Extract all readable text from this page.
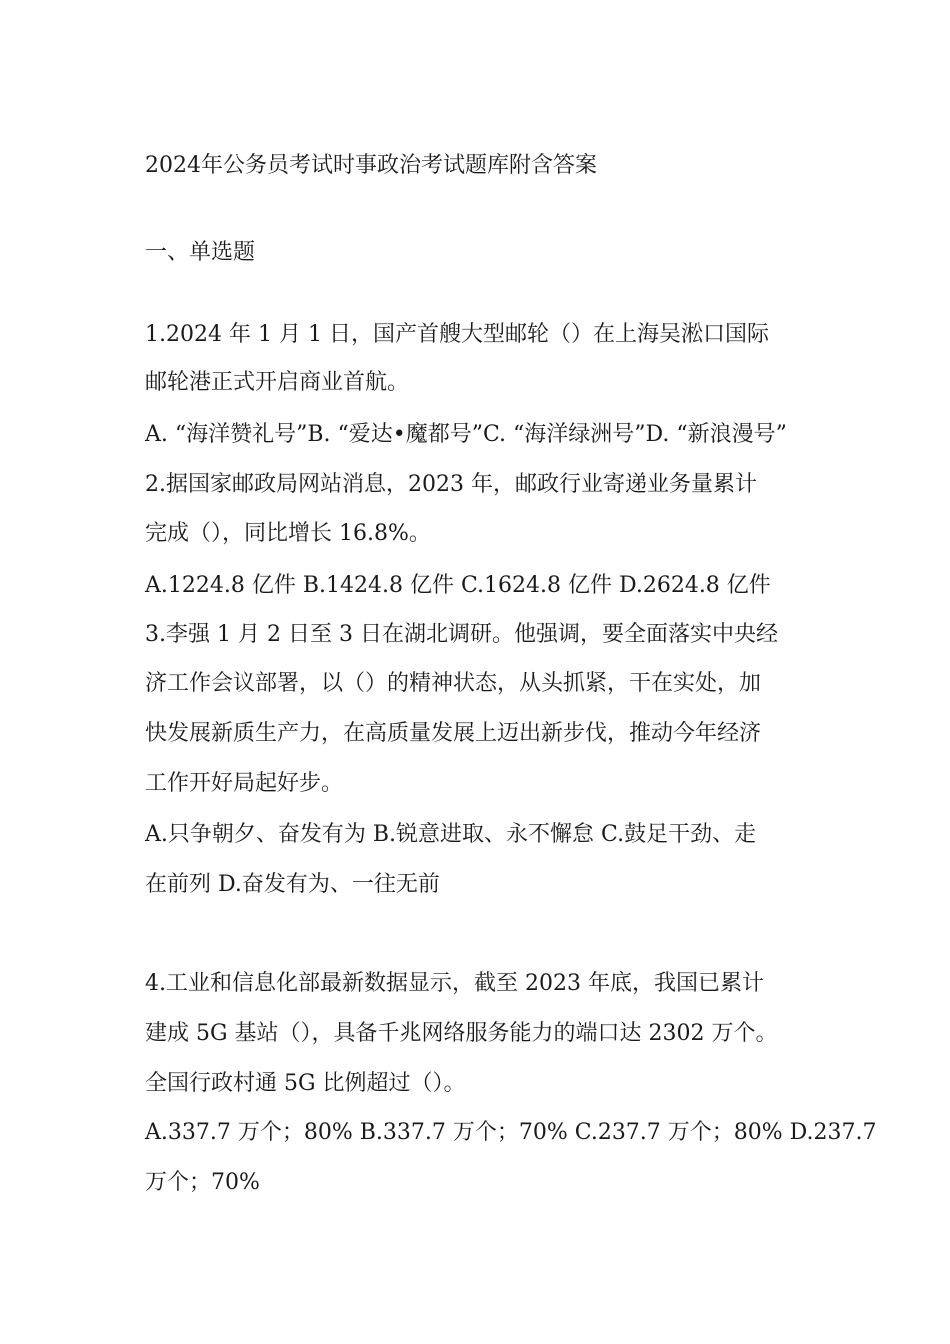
2024年公务员考试时事政治考试题库附含答案
一、单选题
1.2024 年 1 月 1 日，国产首艘大型邮轮（）在上海吴淞口国际
邮轮港正式开启商业首航。
A. “海洋赞礼号”B. “爱达•魔都号”C. “海洋绿洲号”D. “新浪漫号”
2.据国家邮政局网站消息，2023 年，邮政行业寄递业务量累计
完成（），同比增长 16.8%。
A.1224.8 亿件 B.1424.8 亿件 C.1624.8 亿件 D.2624.8 亿件
3.李强 1 月 2 日至 3 日在湖北调研。他强调，要全面落实中央经
济工作会议部署，以（）的精神状态，从头抓紧，干在实处，加
快发展新质生产力，在高质量发展上迈出新步伐，推动今年经济
工作开好局起好步。
A.只争朝夕、奋发有为 B.锐意进取、永不懈怠 C.鼓足干劲、走
在前列 D.奋发有为、一往无前
4.工业和信息化部最新数据显示，截至 2023 年底，我国已累计
建成 5G 基站（），具备千兆网络服务能力的端口达 2302 万个。
全国行政村通 5G 比例超过（）。
A.337.7 万个；80% B.337.7 万个；70% C.237.7 万个；80% D.237.7
万个；70%
